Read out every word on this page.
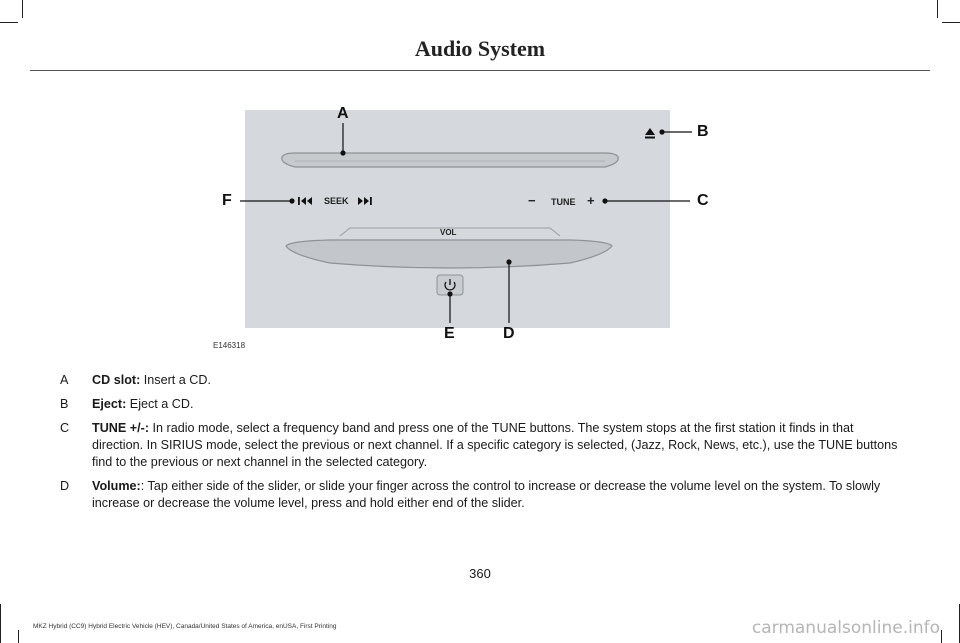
Audio System
A
B
C
F
E	D
SEEK	− TUNE +
VOL
E146318
A	CD slot: Insert a CD.
B	Eject: Eject a CD.
C	TUNE +/-: In radio mode, select a frequency band and press one of the TUNE buttons. The system stops at the first station it finds in that direction. In SIRIUS mode, select the previous or next channel. If a specific category is selected, (Jazz, Rock, News, etc.), use the TUNE buttons find to the previous or next channel in the selected category.
D	Volume:: Tap either side of the slider, or slide your finger across the control to increase or decrease the volume level on the system. To slowly increase or decrease the volume level, press and hold either end of the slider.
360
MKZ Hybrid (CC9) Hybrid Electric Vehicle (HEV), Canada/United States of America, enUSA, First Printing	carmanualsonline.info
